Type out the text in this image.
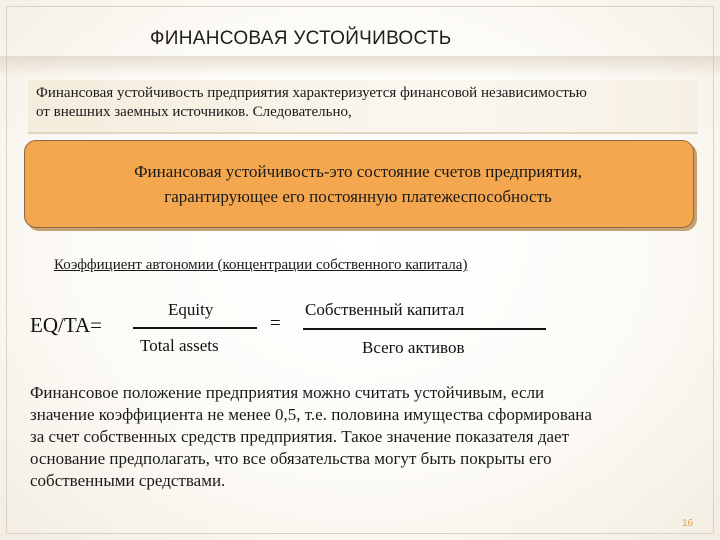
ФИНАНСОВАЯ УСТОЙЧИВОСТЬ
Финансовая устойчивость предприятия характеризуется финансовой независимостью
от внешних заемных источников. Следовательно,
Финансовая устойчивость-это состояние счетов предприятия,
гарантирующее его постоянную платежеспособность
Коэффициент автономии (концентрации собственного капитала)
EQ/TA=
Equity
Total assets
=
Собственный капитал
Всего активов
Финансовое положение предприятия можно считать устойчивым, если
значение коэффициента не менее 0,5, т.е. половина имущества сформирована
за счет собственных средств предприятия. Такое значение показателя дает
основание предполагать, что все обязательства могут быть покрыты его
собственными средствами.
16
